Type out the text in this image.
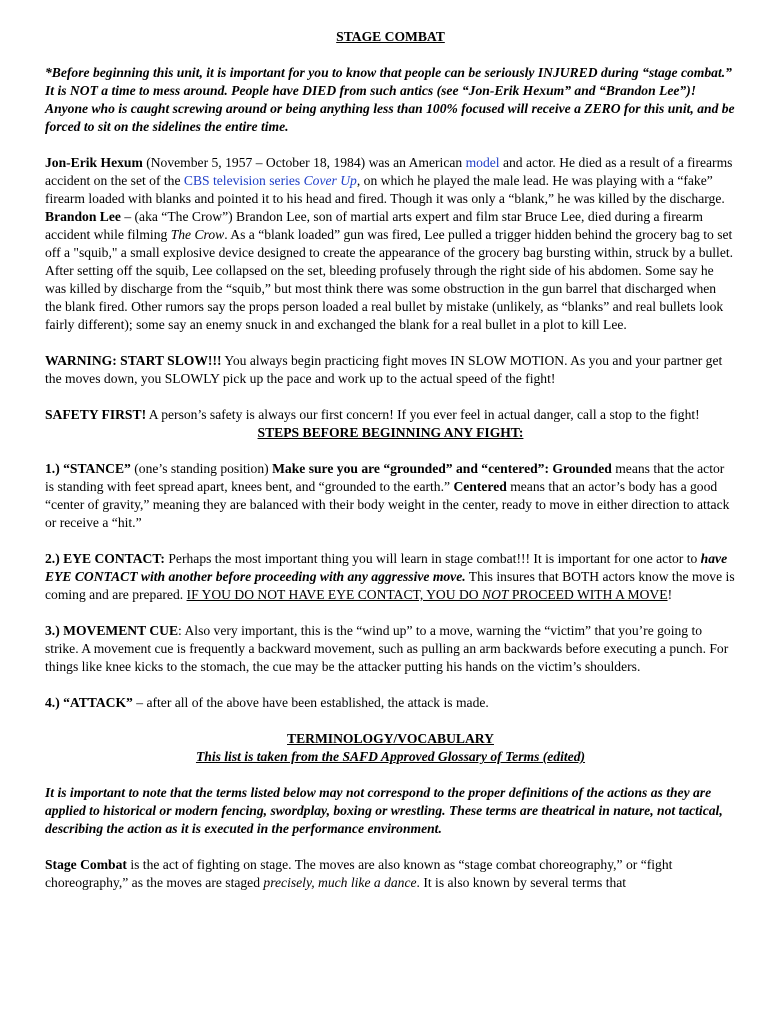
STAGE COMBAT

*Before beginning this unit, it is important for you to know that people can be seriously INJURED during “stage combat.” It is NOT a time to mess around. People have DIED from such antics (see “Jon-Erik Hexum” and “Brandon Lee”)! Anyone who is caught screwing around or being anything less than 100% focused will receive a ZERO for this unit, and be forced to sit on the sidelines the entire time.

Jon-Erik Hexum (November 5, 1957 – October 18, 1984) was an American model and actor. He died as a result of a firearms accident on the set of the CBS television series Cover Up, on which he played the male lead. He was playing with a “fake” firearm loaded with blanks and pointed it to his head and fired. Though it was only a “blank,” he was killed by the discharge.

Brandon Lee – (aka “The Crow”) Brandon Lee, son of martial arts expert and film star Bruce Lee, died during a firearm accident while filming The Crow. As a “blank loaded” gun was fired, Lee pulled a trigger hidden behind the grocery bag to set off a "squib," a small explosive device designed to create the appearance of the grocery bag bursting within, struck by a bullet. After setting off the squib, Lee collapsed on the set, bleeding profusely through the right side of his abdomen. Some say he was killed by discharge from the “squib,” but most think there was some obstruction in the gun barrel that discharged when the blank fired. Other rumors say the props person loaded a real bullet by mistake (unlikely, as “blanks” and real bullets look fairly different); some say an enemy snuck in and exchanged the blank for a real bullet in a plot to kill Lee.

WARNING: START SLOW!!! You always begin practicing fight moves IN SLOW MOTION. As you and your partner get the moves down, you SLOWLY pick up the pace and work up to the actual speed of the fight!

SAFETY FIRST! A person’s safety is always our first concern! If you ever feel in actual danger, call a stop to the fight!

STEPS BEFORE BEGINNING ANY FIGHT:

1.) “STANCE” (one’s standing position) Make sure you are “grounded” and “centered”: Grounded means that the actor is standing with feet spread apart, knees bent, and “grounded to the earth.” Centered means that an actor’s body has a good “center of gravity,” meaning they are balanced with their body weight in the center, ready to move in either direction to attack or receive a “hit.”

2.) EYE CONTACT: Perhaps the most important thing you will learn in stage combat!!! It is important for one actor to have EYE CONTACT with another before proceeding with any aggressive move. This insures that BOTH actors know the move is coming and are prepared. IF YOU DO NOT HAVE EYE CONTACT, YOU DO NOT PROCEED WITH A MOVE!

3.) MOVEMENT CUE: Also very important, this is the “wind up” to a move, warning the “victim” that you’re going to strike. A movement cue is frequently a backward movement, such as pulling an arm backwards before executing a punch. For things like knee kicks to the stomach, the cue may be the attacker putting his hands on the victim’s shoulders.

4.) “ATTACK” – after all of the above have been established, the attack is made.

TERMINOLOGY/VOCABULARY

This list is taken from the SAFD Approved Glossary of Terms (edited)

It is important to note that the terms listed below may not correspond to the proper definitions of the actions as they are applied to historical or modern fencing, swordplay, boxing or wrestling. These terms are theatrical in nature, not tactical, describing the action as it is executed in the performance environment.

Stage Combat is the act of fighting on stage. The moves are also known as “stage combat choreography,” or “fight choreography,” as the moves are staged precisely, much like a dance. It is also known by several terms that
